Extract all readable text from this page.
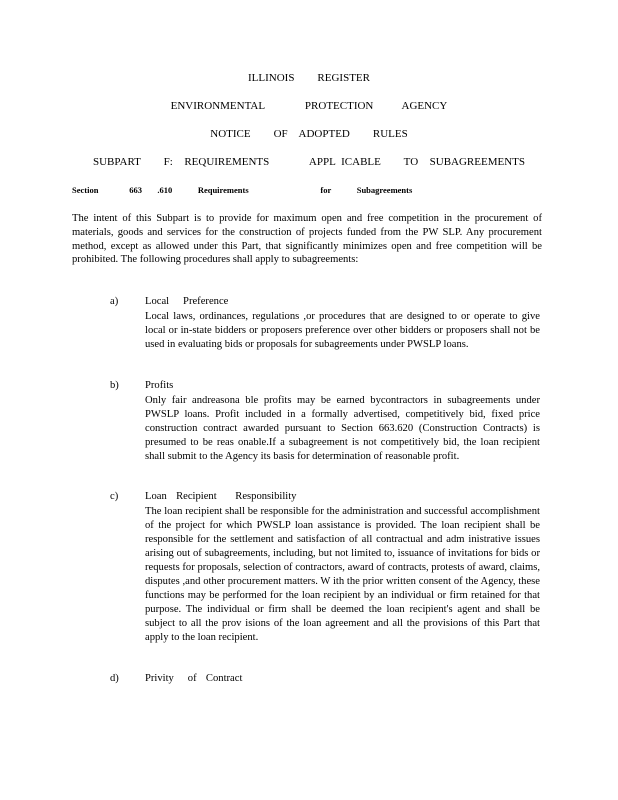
ILLINOIS    REGISTER
ENVIRONMENTAL       PROTECTION     AGENCY
NOTICE    OF  ADOPTED    RULES
SUBPART    F:  REQUIREMENTS       APPL ICABLE    TO  SUBAGREEMENTS
Section      663   .610     Requirements              for     Subagreements
The intent of this Subpart is to provide for maximum open and free competition in the procurement of materials, goods and services for the construction of projects funded from the PW SLP. Any procurement method, except as allowed under this Part, that significantly minimizes open and free competition will be prohibited. The following procedures shall apply to subagreements:
a)	Local   Preference
Local laws, ordinances, regulations ,or procedures that are designed to or operate to give local or in-state bidders or proposers preference over other bidders or proposers shall not be used in evaluating bids or proposals for subagreements under PWSLP loans.
b) Profits
Only fair andreasona ble profits may be earned bycontractors in subagreements under PWSLP loans. Profit included in a formally advertised, competitively bid, fixed price construction contract awarded pursuant to Section 663.620 (Construction Contracts) is presumed to be reas onable.If a subagreement is not competitively bid, the loan recipient shall submit to the Agency its basis for determination of reasonable profit.
c)	Loan  Recipient    Responsibility
The loan recipient shall be responsible for the administration and successful accomplishment of the project for which PWSLP loan assistance is provided. The loan recipient shall be responsible for the settlement and satisfaction of all contractual and adm inistrative issues arising out of subagreements, including, but not limited to, issuance of invitations for bids or requests for proposals, selection of contractors, award of contracts, protests of award, claims, disputes ,and other procurement matters. W ith the prior written consent of the Agency, these functions may be performed for the loan recipient by an individual or firm retained for that purpose. The individual or firm shall be deemed the loan recipient's agent and shall be subject to all the prov isions of the loan agreement and all the provisions of this Part that apply to the loan recipient.
d) Privity   of  Contract
